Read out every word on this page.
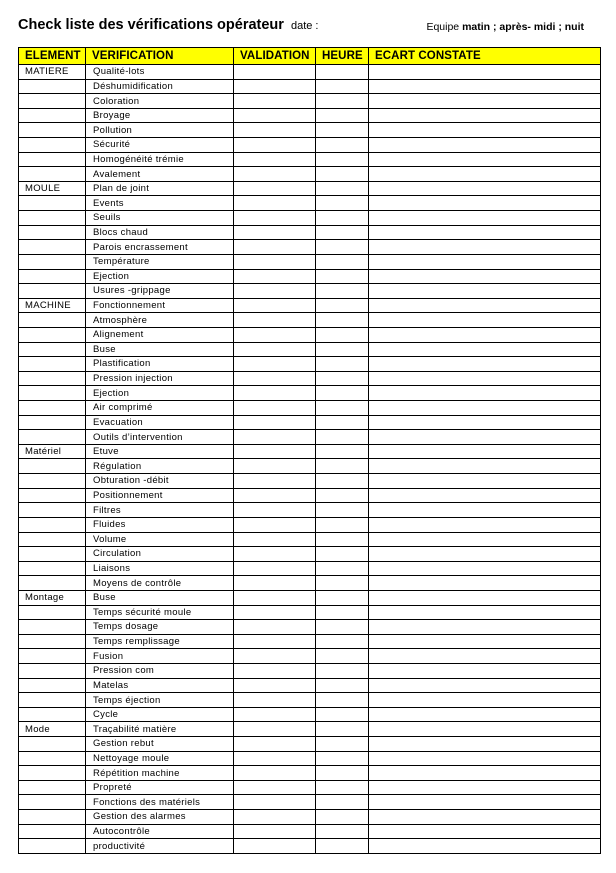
Check liste des vérifications opérateur date :	Equipe matin ; après- midi ; nuit
ELEMENT	VERIFICATION	VALIDATION	HEURE	ECART CONSTATE
MATIERE	Qualité-lots			
	Déshumidification			
	Coloration			
	Broyage			
	Pollution			
	Sécurité			
	Homogénéité trémie			
	Avalement			
MOULE	Plan de joint			
	Events			
	Seuils			
	Blocs chaud			
	Parois encrassement			
	Température			
	Ejection			
	Usures -grippage			
MACHINE	Fonctionnement			
	Atmosphère			
	Alignement			
	Buse			
	Plastification			
	Pression injection			
	Ejection			
	Air comprimé			
	Evacuation			
	Outils d’intervention			
Matériel	Etuve			
	Régulation			
	Obturation -débit			
	Positionnement			
	Filtres			
	Fluides			
	Volume			
	Circulation			
	Liaisons			
	Moyens de contrôle			
Montage	Buse			
	Temps sécurité moule			
	Temps dosage			
	Temps remplissage			
	Fusion			
	Pression com			
	Matelas			
	Temps éjection			
	Cycle			
Mode	Traçabilité matière			
	Gestion rebut			
	Nettoyage moule			
	Répétition machine			
	Propreté			
	Fonctions des matériels			
	Gestion des alarmes			
	Autocontrôle			
	productivité			
